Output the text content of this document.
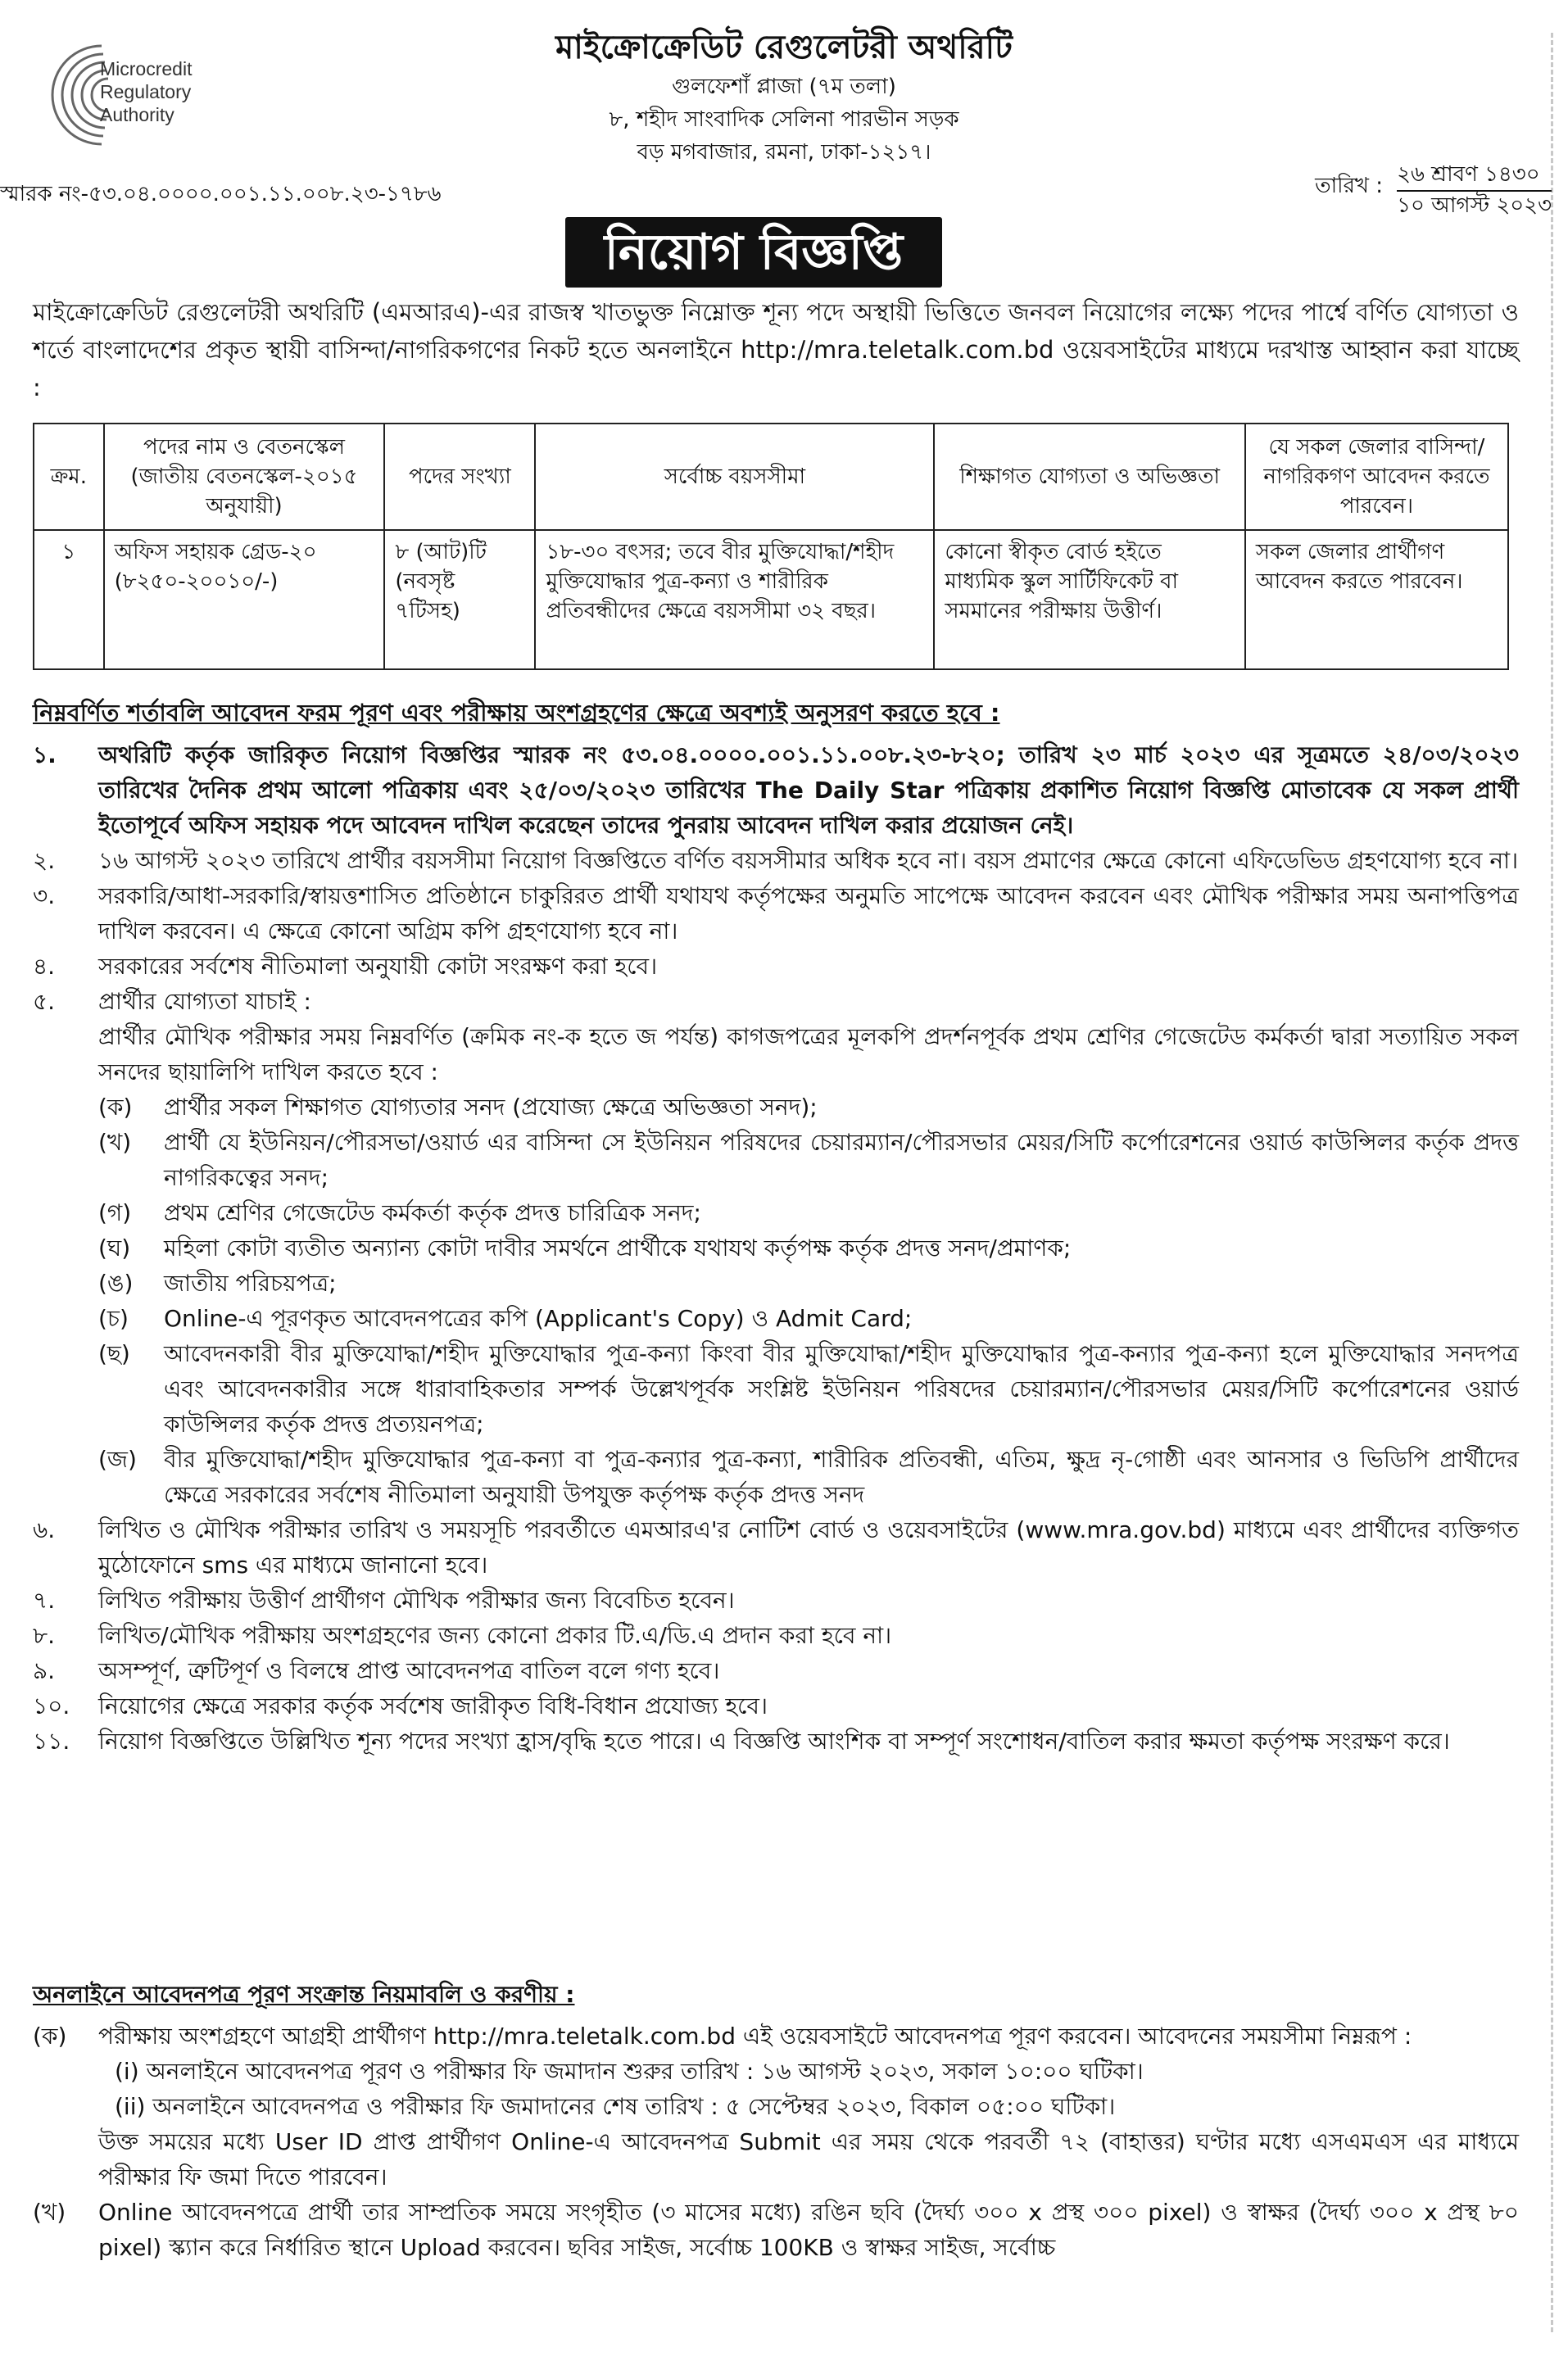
Microcredit
Regulatory
Authority
মাইক্রোক্রেডিট রেগুলেটরী অথরিটি
গুলফেশাঁ প্লাজা (৭ম তলা)
৮, শহীদ সাংবাদিক সেলিনা পারভীন সড়ক
বড় মগবাজার, রমনা, ঢাকা-১২১৭।
স্মারক নং-৫৩.০৪.০০০০.০০১.১১.০০৮.২৩-১৭৮৬	তারিখ : ২৬ শ্রাবণ ১৪৩০
১০ আগস্ট ২০২৩
নিয়োগ বিজ্ঞপ্তি
মাইক্রোক্রেডিট রেগুলেটরী অথরিটি (এমআরএ)-এর রাজস্ব খাতভুক্ত নিম্নোক্ত শূন্য পদে অস্থায়ী ভিত্তিতে জনবল নিয়োগের লক্ষ্যে পদের পার্শ্বে বর্ণিত যোগ্যতা ও শর্তে বাংলাদেশের প্রকৃত স্থায়ী বাসিন্দা/নাগরিকগণের নিকট হতে অনলাইনে http://mra.teletalk.com.bd ওয়েবসাইটের মাধ্যমে দরখাস্ত আহ্বান করা যাচ্ছে :
ক্রম.	পদের নাম ও বেতনস্কেল (জাতীয় বেতনস্কেল-২০১৫ অনুযায়ী)	পদের সংখ্যা	সর্বোচ্চ বয়সসীমা	শিক্ষাগত যোগ্যতা ও অভিজ্ঞতা	যে সকল জেলার বাসিন্দা/নাগরিকগণ আবেদন করতে পারবেন।
১	অফিস সহায়ক গ্রেড-২০ (৮২৫০-২০০১০/-)	৮ (আট)টি (নবসৃষ্ট ৭টিসহ)	১৮-৩০ বৎসর; তবে বীর মুক্তিযোদ্ধা/শহীদ মুক্তিযোদ্ধার পুত্র-কন্যা ও শারীরিক প্রতিবন্ধীদের ক্ষেত্রে বয়সসীমা ৩২ বছর।	কোনো স্বীকৃত বোর্ড হইতে মাধ্যমিক স্কুল সার্টিফিকেট বা সমমানের পরীক্ষায় উত্তীর্ণ।	সকল জেলার প্রার্থীগণ আবেদন করতে পারবেন।
নিম্নবর্ণিত শর্তাবলি আবেদন ফরম পূরণ এবং পরীক্ষায় অংশগ্রহণের ক্ষেত্রে অবশ্যই অনুসরণ করতে হবে :
১. অথরিটি কর্তৃক জারিকৃত নিয়োগ বিজ্ঞপ্তির স্মারক নং ৫৩.০৪.০০০০.০০১.১১.০০৮.২৩-৮২০; তারিখ ২৩ মার্চ ২০২৩ এর সূত্রমতে ২৪/০৩/২০২৩ তারিখের দৈনিক প্রথম আলো পত্রিকায় এবং ২৫/০৩/২০২৩ তারিখের The Daily Star পত্রিকায় প্রকাশিত নিয়োগ বিজ্ঞপ্তি মোতাবেক যে সকল প্রার্থী ইতোপূর্বে অফিস সহায়ক পদে আবেদন দাখিল করেছেন তাদের পুনরায় আবেদন দাখিল করার প্রয়োজন নেই।
২. ১৬ আগস্ট ২০২৩ তারিখে প্রার্থীর বয়সসীমা নিয়োগ বিজ্ঞপ্তিতে বর্ণিত বয়সসীমার অধিক হবে না। বয়স প্রমাণের ক্ষেত্রে কোনো এফিডেভিড গ্রহণযোগ্য হবে না।
৩. সরকারি/আধা-সরকারি/স্বায়ত্তশাসিত প্রতিষ্ঠানে চাকুরিরত প্রার্থী যথাযথ কর্তৃপক্ষের অনুমতি সাপেক্ষে আবেদন করবেন এবং মৌখিক পরীক্ষার সময় অনাপত্তিপত্র দাখিল করবেন। এ ক্ষেত্রে কোনো অগ্রিম কপি গ্রহণযোগ্য হবে না।
৪. সরকারের সর্বশেষ নীতিমালা অনুযায়ী কোটা সংরক্ষণ করা হবে।
৫. প্রার্থীর যোগ্যতা যাচাই :
প্রার্থীর মৌখিক পরীক্ষার সময় নিম্নবর্ণিত (ক্রমিক নং-ক হতে জ পর্যন্ত) কাগজপত্রের মূলকপি প্রদর্শনপূর্বক প্রথম শ্রেণির গেজেটেড কর্মকর্তা দ্বারা সত্যায়িত সকল সনদের ছায়ালিপি দাখিল করতে হবে :
(ক) প্রার্থীর সকল শিক্ষাগত যোগ্যতার সনদ (প্রযোজ্য ক্ষেত্রে অভিজ্ঞতা সনদ);
(খ) প্রার্থী যে ইউনিয়ন/পৌরসভা/ওয়ার্ড এর বাসিন্দা সে ইউনিয়ন পরিষদের চেয়ারম্যান/পৌরসভার মেয়র/সিটি কর্পোরেশনের ওয়ার্ড কাউন্সিলর কর্তৃক প্রদত্ত নাগরিকত্বের সনদ;
(গ) প্রথম শ্রেণির গেজেটেড কর্মকর্তা কর্তৃক প্রদত্ত চারিত্রিক সনদ;
(ঘ) মহিলা কোটা ব্যতীত অন্যান্য কোটা দাবীর সমর্থনে প্রার্থীকে যথাযথ কর্তৃপক্ষ কর্তৃক প্রদত্ত সনদ/প্রমাণক;
(ঙ) জাতীয় পরিচয়পত্র;
(চ) Online-এ পূরণকৃত আবেদনপত্রের কপি (Applicant's Copy) ও Admit Card;
(ছ) আবেদনকারী বীর মুক্তিযোদ্ধা/শহীদ মুক্তিযোদ্ধার পুত্র-কন্যা কিংবা বীর মুক্তিযোদ্ধা/শহীদ মুক্তিযোদ্ধার পুত্র-কন্যার পুত্র-কন্যা হলে মুক্তিযোদ্ধার সনদপত্র এবং আবেদনকারীর সঙ্গে ধারাবাহিকতার সম্পর্ক উল্লেখপূর্বক সংশ্লিষ্ট ইউনিয়ন পরিষদের চেয়ারম্যান/পৌরসভার মেয়র/সিটি কর্পোরেশনের ওয়ার্ড কাউন্সিলর কর্তৃক প্রদত্ত প্রত্যয়নপত্র;
(জ) বীর মুক্তিযোদ্ধা/শহীদ মুক্তিযোদ্ধার পুত্র-কন্যা বা পুত্র-কন্যার পুত্র-কন্যা, শারীরিক প্রতিবন্ধী, এতিম, ক্ষুদ্র নৃ-গোষ্ঠী এবং আনসার ও ভিডিপি প্রার্থীদের ক্ষেত্রে সরকারের সর্বশেষ নীতিমালা অনুযায়ী উপযুক্ত কর্তৃপক্ষ কর্তৃক প্রদত্ত সনদ
৬. লিখিত ও মৌখিক পরীক্ষার তারিখ ও সময়সূচি পরবর্তীতে এমআরএ'র নোটিশ বোর্ড ও ওয়েবসাইটের (www.mra.gov.bd) মাধ্যমে এবং প্রার্থীদের ব্যক্তিগত মুঠোফোনে sms এর মাধ্যমে জানানো হবে।
৭. লিখিত পরীক্ষায় উত্তীর্ণ প্রার্থীগণ মৌখিক পরীক্ষার জন্য বিবেচিত হবেন।
৮. লিখিত/মৌখিক পরীক্ষায় অংশগ্রহণের জন্য কোনো প্রকার টি.এ/ডি.এ প্রদান করা হবে না।
৯. অসম্পূর্ণ, ত্রুটিপূর্ণ ও বিলম্বে প্রাপ্ত আবেদনপত্র বাতিল বলে গণ্য হবে।
১০. নিয়োগের ক্ষেত্রে সরকার কর্তৃক সর্বশেষ জারীকৃত বিধি-বিধান প্রযোজ্য হবে।
১১. নিয়োগ বিজ্ঞপ্তিতে উল্লিখিত শূন্য পদের সংখ্যা হ্রাস/বৃদ্ধি হতে পারে। এ বিজ্ঞপ্তি আংশিক বা সম্পূর্ণ সংশোধন/বাতিল করার ক্ষমতা কর্তৃপক্ষ সংরক্ষণ করে।
অনলাইনে আবেদনপত্র পূরণ সংক্রান্ত নিয়মাবলি ও করণীয় :
(ক) পরীক্ষায় অংশগ্রহণে আগ্রহী প্রার্থীগণ http://mra.teletalk.com.bd এই ওয়েবসাইটে আবেদনপত্র পূরণ করবেন। আবেদনের সময়সীমা নিম্নরূপ :
(i) অনলাইনে আবেদনপত্র পূরণ ও পরীক্ষার ফি জমাদান শুরুর তারিখ : ১৬ আগস্ট ২০২৩, সকাল ১০:০০ ঘটিকা।
(ii) অনলাইনে আবেদনপত্র ও পরীক্ষার ফি জমাদানের শেষ তারিখ : ৫ সেপ্টেম্বর ২০২৩, বিকাল ০৫:০০ ঘটিকা।
উক্ত সময়ের মধ্যে User ID প্রাপ্ত প্রার্থীগণ Online-এ আবেদনপত্র Submit এর সময় থেকে পরবর্তী ৭২ (বাহাত্তর) ঘণ্টার মধ্যে এসএমএস এর মাধ্যমে পরীক্ষার ফি জমা দিতে পারবেন।
(খ) Online আবেদনপত্রে প্রার্থী তার সাম্প্রতিক সময়ে সংগৃহীত (৩ মাসের মধ্যে) রঙিন ছবি (দৈর্ঘ্য ৩০০ x প্রস্থ ৩০০ pixel) ও স্বাক্ষর (দৈর্ঘ্য ৩০০ x প্রস্থ ৮০ pixel) স্ক্যান করে নির্ধারিত স্থানে Upload করবেন। ছবির সাইজ, সর্বোচ্চ 100KB ও স্বাক্ষর সাইজ, সর্বোচ্চ
